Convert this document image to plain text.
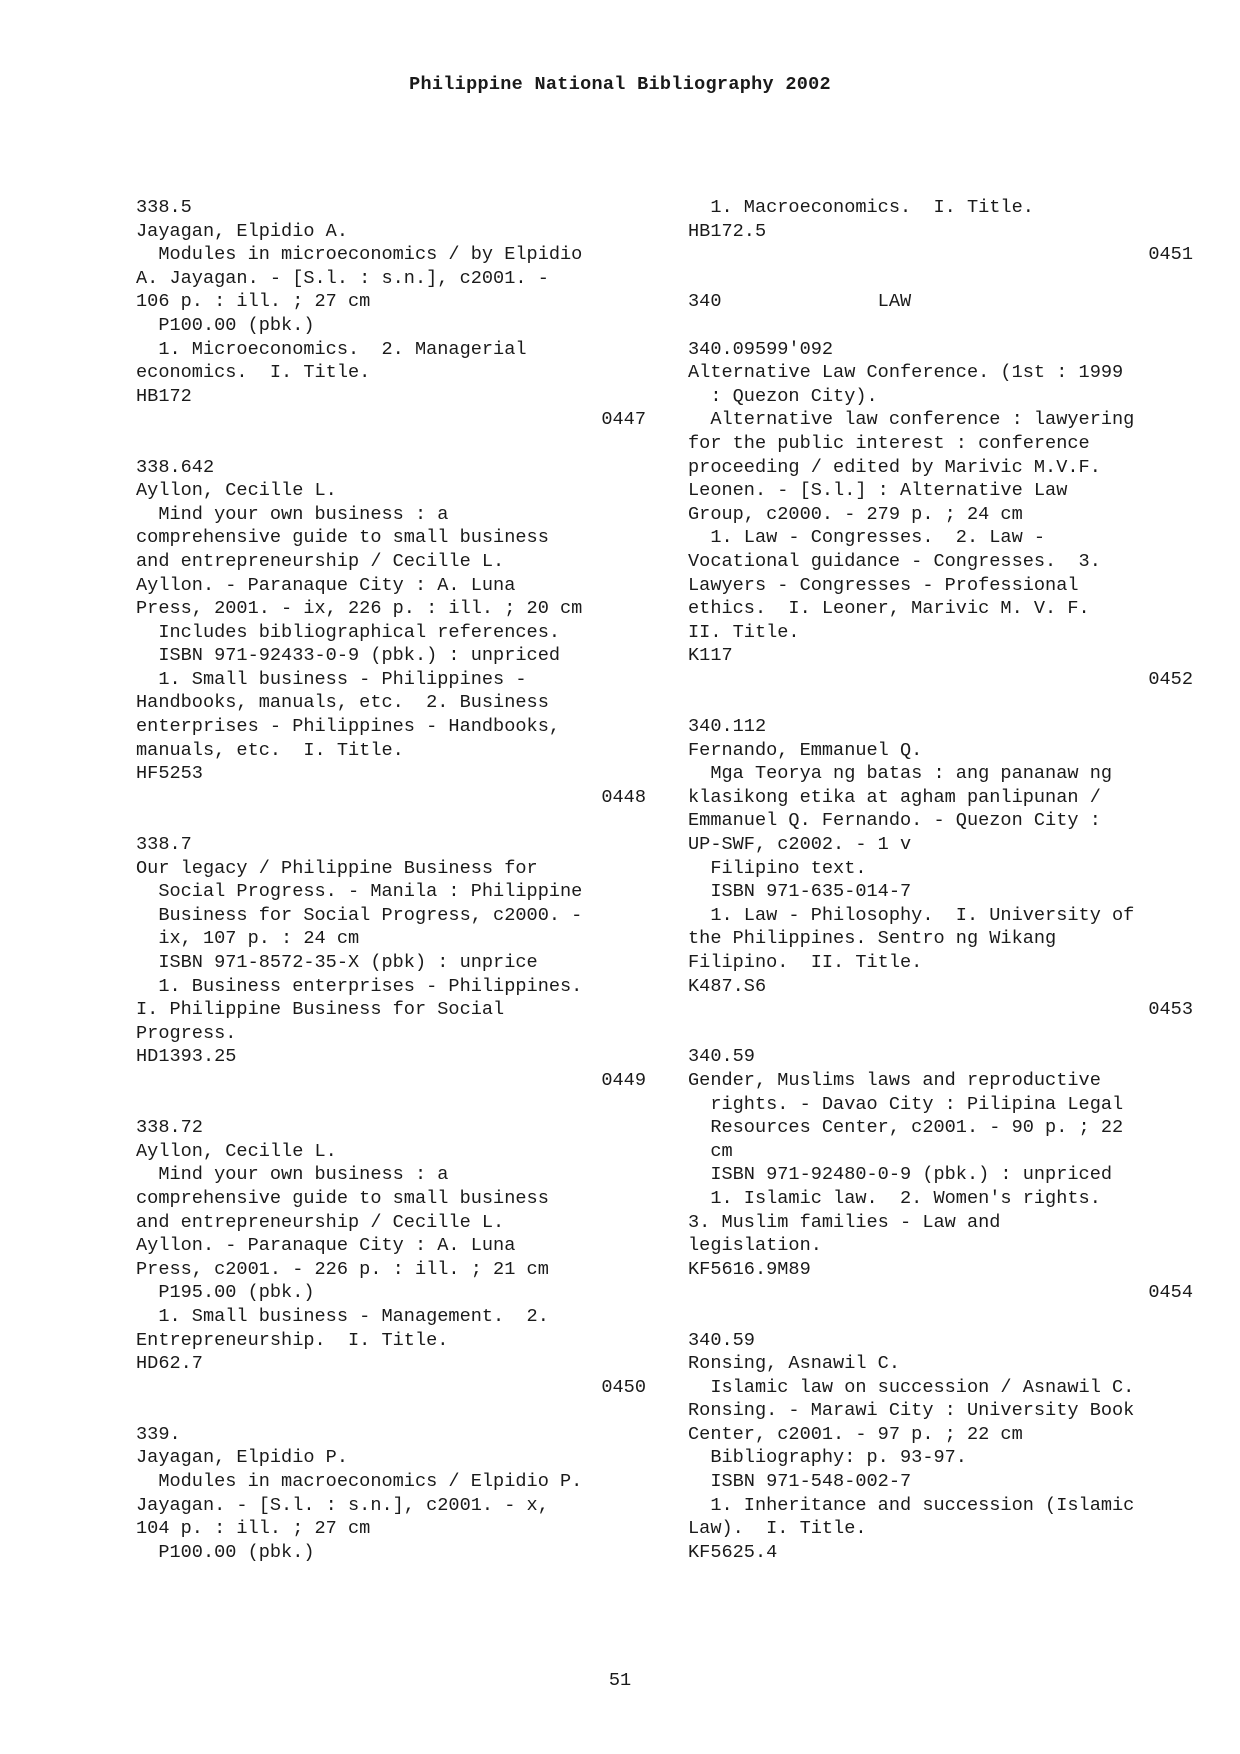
Philippine National Bibliography 2002
338.5
Jayagan, Elpidio A.
Modules in microeconomics / by Elpidio
A. Jayagan. - [S.l. : s.n.], c2001. -
106 p. : ill. ; 27 cm
P100.00 (pbk.)
1. Microeconomics.  2. Managerial
economics.  I. Title.
HB172
0447
338.642
Ayllon, Cecille L.
Mind your own business : a
comprehensive guide to small business
and entrepreneurship / Cecille L.
Ayllon. - Paranaque City : A. Luna
Press, 2001. - ix, 226 p. : ill. ; 20 cm
Includes bibliographical references.
ISBN 971-92433-0-9 (pbk.) : unpriced
1. Small business - Philippines -
Handbooks, manuals, etc.  2. Business
enterprises - Philippines - Handbooks,
manuals, etc.  I. Title.
HF5253
0448
338.7
Our legacy / Philippine Business for
Social Progress. - Manila : Philippine
Business for Social Progress, c2000. -
ix, 107 p. : 24 cm
ISBN 971-8572-35-X (pbk) : unprice
1. Business enterprises - Philippines.
I. Philippine Business for Social
Progress.
HD1393.25
0449
338.72
Ayllon, Cecille L.
Mind your own business : a
comprehensive guide to small business
and entrepreneurship / Cecille L.
Ayllon. - Paranaque City : A. Luna
Press, c2001. - 226 p. : ill. ; 21 cm
P195.00 (pbk.)
1. Small business - Management.  2.
Entrepreneurship.  I. Title.
HD62.7
0450
339.
Jayagan, Elpidio P.
Modules in macroeconomics / Elpidio P.
Jayagan. - [S.l. : s.n.], c2001. - x,
104 p. : ill. ; 27 cm
P100.00 (pbk.)
1. Macroeconomics.  I. Title.
HB172.5
0451
340              LAW
340.09599'092
Alternative Law Conference. (1st : 1999
: Quezon City).
Alternative law conference : lawyering
for the public interest : conference
proceeding / edited by Marivic M.V.F.
Leonen. - [S.l.] : Alternative Law
Group, c2000. - 279 p. ; 24 cm
1. Law - Congresses.  2. Law -
Vocational guidance - Congresses.  3.
Lawyers - Congresses - Professional
ethics.  I. Leoner, Marivic M. V. F.
II. Title.
K117
0452
340.112
Fernando, Emmanuel Q.
Mga Teorya ng batas : ang pananaw ng
klasikong etika at agham panlipunan /
Emmanuel Q. Fernando. - Quezon City :
UP-SWF, c2002. - 1 v
Filipino text.
ISBN 971-635-014-7
1. Law - Philosophy.  I. University of
the Philippines. Sentro ng Wikang
Filipino.  II. Title.
K487.S6
0453
340.59
Gender, Muslims laws and reproductive
rights. - Davao City : Pilipina Legal
Resources Center, c2001. - 90 p. ; 22
cm
ISBN 971-92480-0-9 (pbk.) : unpriced
1. Islamic law.  2. Women's rights.
3. Muslim families - Law and
legislation.
KF5616.9M89
0454
340.59
Ronsing, Asnawil C.
Islamic law on succession / Asnawil C.
Ronsing. - Marawi City : University Book
Center, c2001. - 97 p. ; 22 cm
Bibliography: p. 93-97.
ISBN 971-548-002-7
1. Inheritance and succession (Islamic
Law).  I. Title.
KF5625.4
51
